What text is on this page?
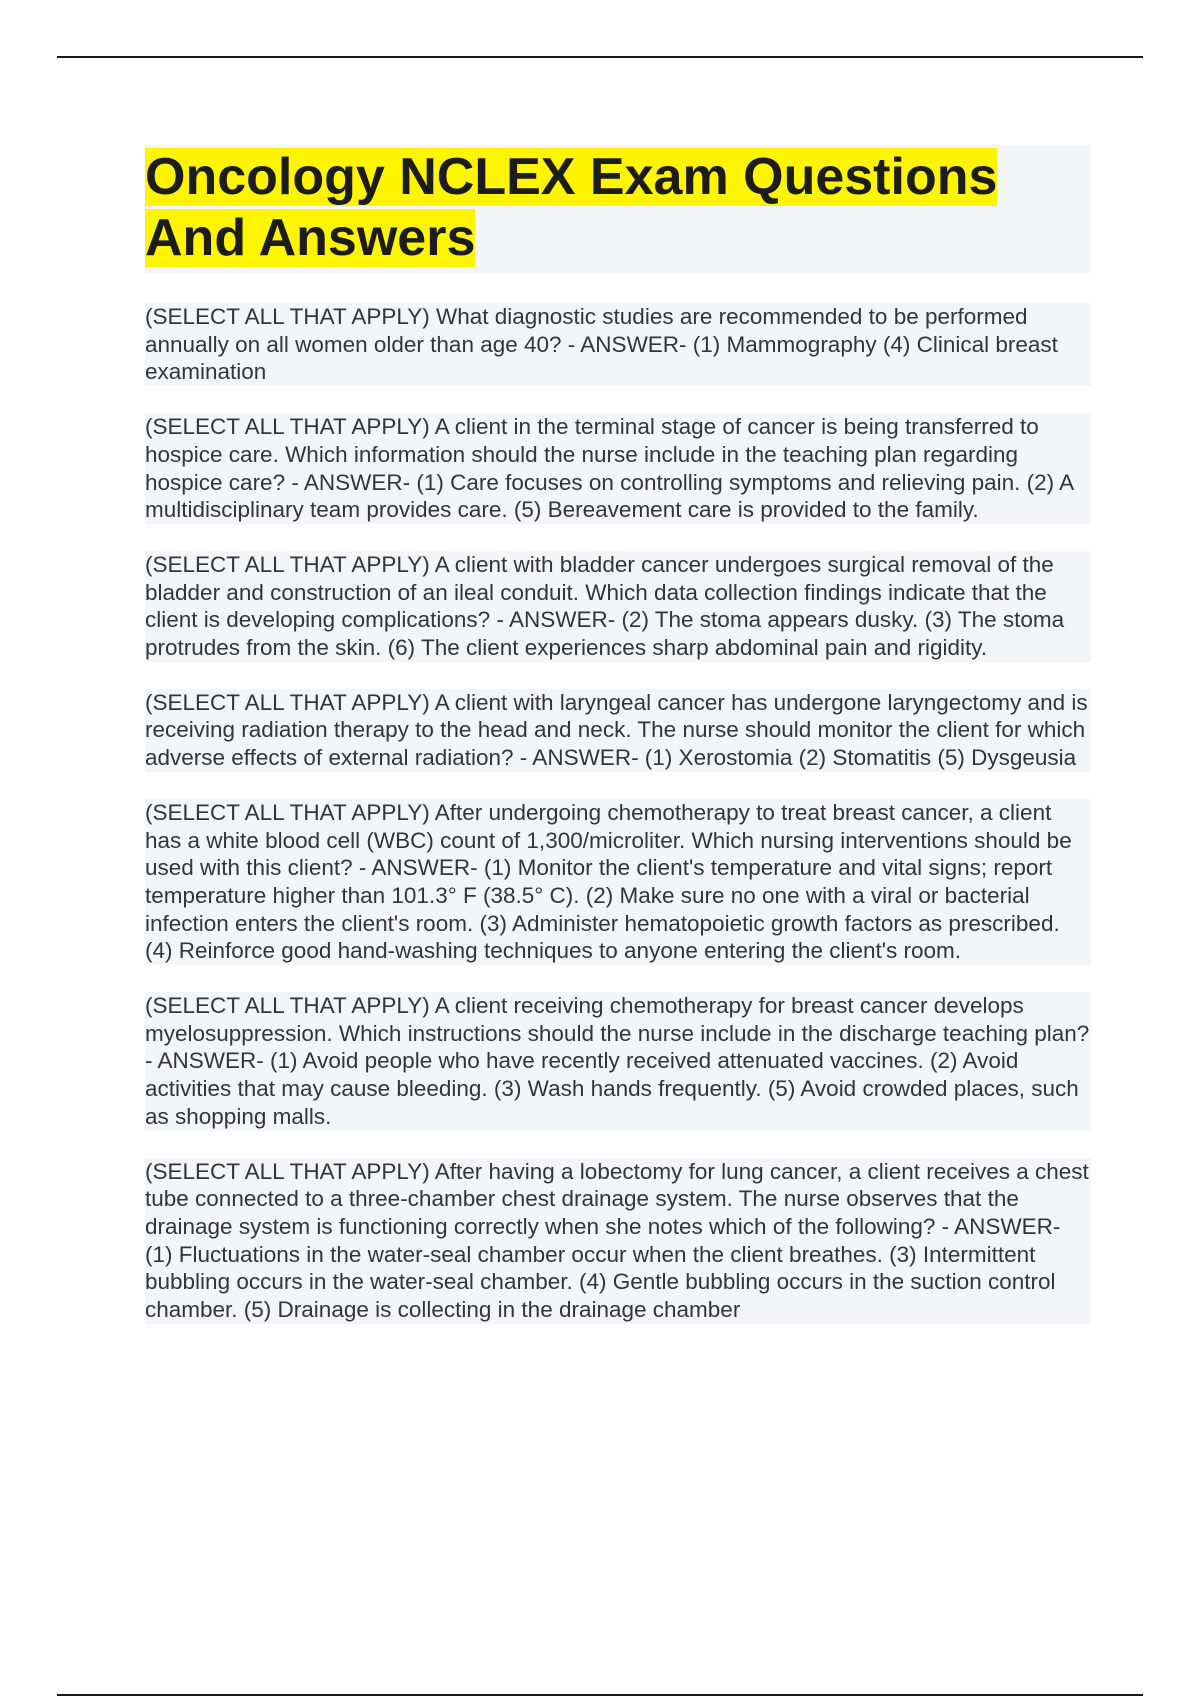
Oncology NCLEX Exam Questions And Answers

(SELECT ALL THAT APPLY) What diagnostic studies are recommended to be performed annually on all women older than age 40? - ANSWER- (1) Mammography (4) Clinical breast examination

(SELECT ALL THAT APPLY) A client in the terminal stage of cancer is being transferred to hospice care. Which information should the nurse include in the teaching plan regarding hospice care? - ANSWER- (1) Care focuses on controlling symptoms and relieving pain. (2) A multidisciplinary team provides care. (5) Bereavement care is provided to the family.

(SELECT ALL THAT APPLY) A client with bladder cancer undergoes surgical removal of the bladder and construction of an ileal conduit. Which data collection findings indicate that the client is developing complications? - ANSWER- (2) The stoma appears dusky. (3) The stoma protrudes from the skin. (6) The client experiences sharp abdominal pain and rigidity.

(SELECT ALL THAT APPLY) A client with laryngeal cancer has undergone laryngectomy and is receiving radiation therapy to the head and neck. The nurse should monitor the client for which adverse effects of external radiation? - ANSWER- (1) Xerostomia (2) Stomatitis (5) Dysgeusia

(SELECT ALL THAT APPLY) After undergoing chemotherapy to treat breast cancer, a client has a white blood cell (WBC) count of 1,300/microliter. Which nursing interventions should be used with this client? - ANSWER- (1) Monitor the client's temperature and vital signs; report temperature higher than 101.3° F (38.5° C). (2) Make sure no one with a viral or bacterial infection enters the client's room. (3) Administer hematopoietic growth factors as prescribed. (4) Reinforce good hand-washing techniques to anyone entering the client's room.

(SELECT ALL THAT APPLY) A client receiving chemotherapy for breast cancer develops myelosuppression. Which instructions should the nurse include in the discharge teaching plan? - ANSWER- (1) Avoid people who have recently received attenuated vaccines. (2) Avoid activities that may cause bleeding. (3) Wash hands frequently. (5) Avoid crowded places, such as shopping malls.

(SELECT ALL THAT APPLY) After having a lobectomy for lung cancer, a client receives a chest tube connected to a three-chamber chest drainage system. The nurse observes that the drainage system is functioning correctly when she notes which of the following? - ANSWER- (1) Fluctuations in the water-seal chamber occur when the client breathes. (3) Intermittent bubbling occurs in the water-seal chamber. (4) Gentle bubbling occurs in the suction control chamber. (5) Drainage is collecting in the drainage chamber
